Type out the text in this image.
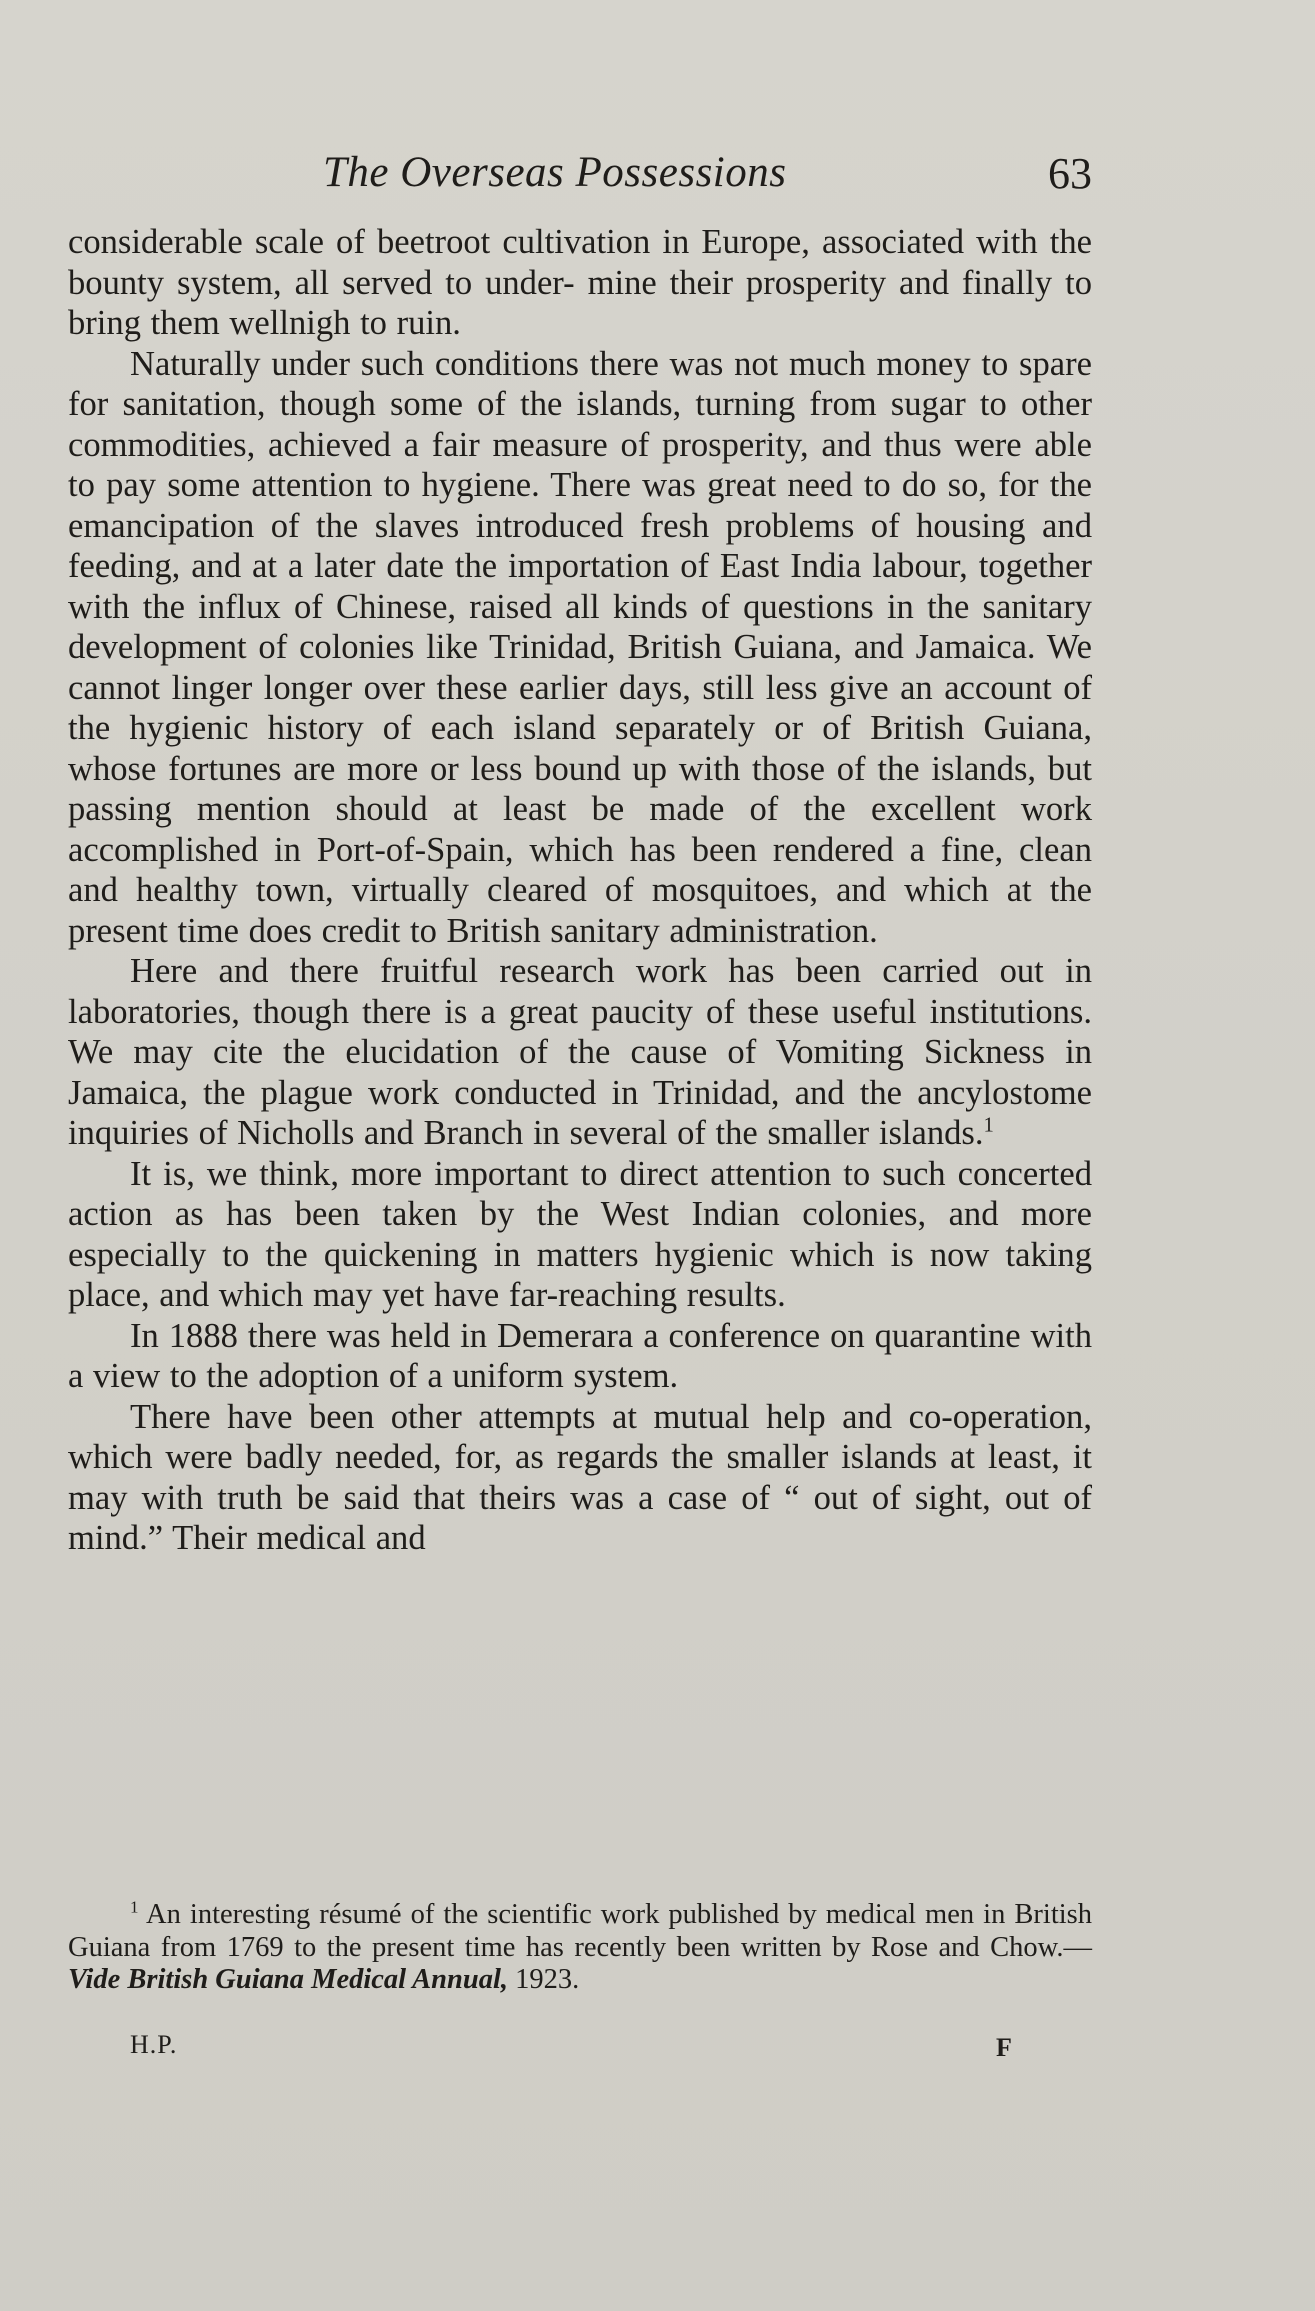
The Overseas Possessions	63

considerable scale of beetroot cultivation in Europe, associated with the bounty system, all served to under- mine their prosperity and finally to bring them wellnigh to ruin.

Naturally under such conditions there was not much money to spare for sanitation, though some of the islands, turning from sugar to other commodities, achieved a fair measure of prosperity, and thus were able to pay some attention to hygiene. There was great need to do so, for the emancipation of the slaves introduced fresh problems of housing and feeding, and at a later date the importation of East India labour, together with the influx of Chinese, raised all kinds of questions in the sanitary development of colonies like Trinidad, British Guiana, and Jamaica. We cannot linger longer over these earlier days, still less give an account of the hygienic history of each island separately or of British Guiana, whose fortunes are more or less bound up with those of the islands, but passing mention should at least be made of the excellent work accomplished in Port-of-Spain, which has been rendered a fine, clean and healthy town, virtually cleared of mosquitoes, and which at the present time does credit to British sanitary administration.

Here and there fruitful research work has been carried out in laboratories, though there is a great paucity of these useful institutions. We may cite the elucidation of the cause of Vomiting Sickness in Jamaica, the plague work conducted in Trinidad, and the ancylostome inquiries of Nicholls and Branch in several of the smaller islands.$^1$

It is, we think, more important to direct attention to such concerted action as has been taken by the West Indian colonies, and more especially to the quickening in matters hygienic which is now taking place, and which may yet have far-reaching results.

In 1888 there was held in Demerara a conference on quarantine with a view to the adoption of a uniform system.

There have been other attempts at mutual help and co-operation, which were badly needed, for, as regards the smaller islands at least, it may with truth be said that theirs was a case of “ out of sight, out of mind.” Their medical and

$^1$ An interesting résumé of the scientific work published by medical men in British Guiana from 1769 to the present time has recently been written by Rose and Chow.—Vide British Guiana Medical Annual, 1923.

H.P.	F
